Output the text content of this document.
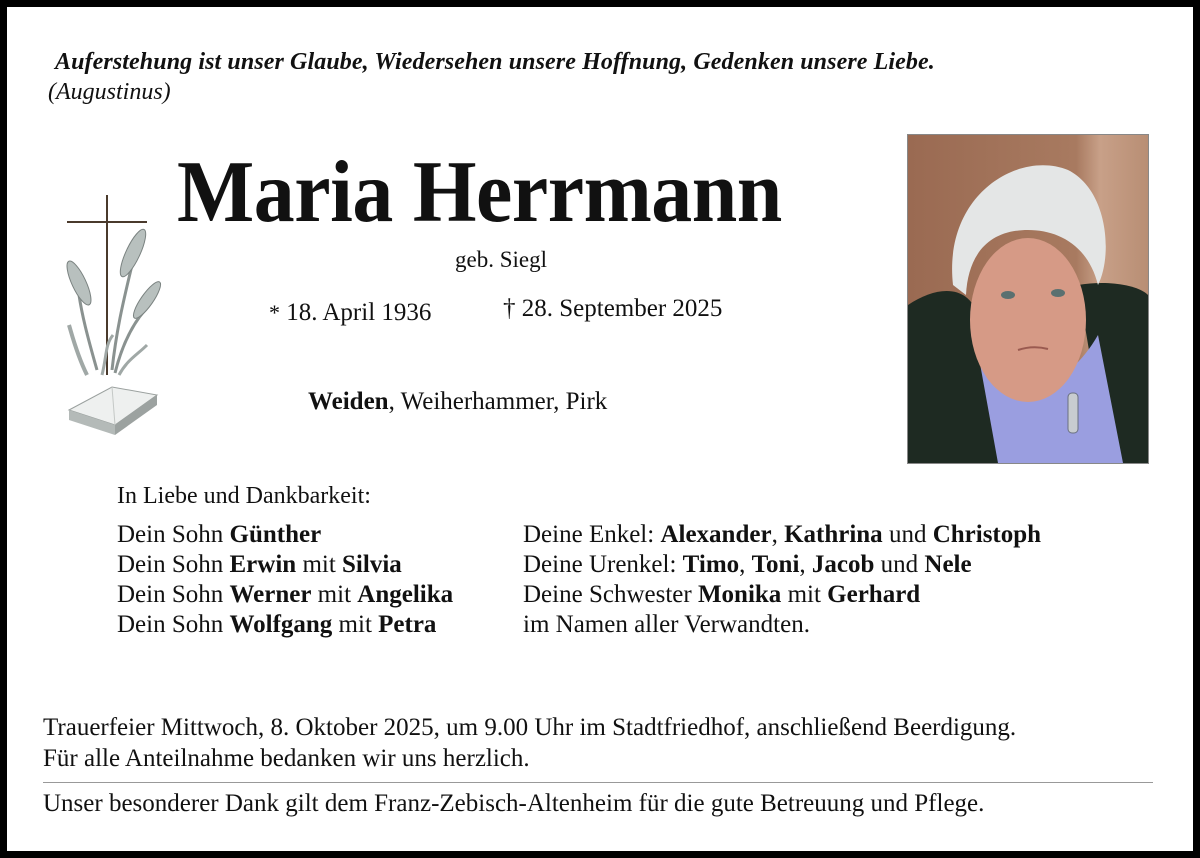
Auferstehung ist unser Glaube, Wiedersehen unsere Hoffnung, Gedenken unsere Liebe.
(Augustinus)
Maria Herrmann
geb. Siegl
* 18. April 1936	† 28. September 2025
Weiden, Weiherhammer, Pirk
In Liebe und Dankbarkeit:
Dein Sohn Günther
Dein Sohn Erwin mit Silvia
Dein Sohn Werner mit Angelika
Dein Sohn Wolfgang mit Petra
Deine Enkel: Alexander, Kathrina und Christoph
Deine Urenkel: Timo, Toni, Jacob und Nele
Deine Schwester Monika mit Gerhard
im Namen aller Verwandten.
Trauerfeier Mittwoch, 8. Oktober 2025, um 9.00 Uhr im Stadtfriedhof, anschließend Beerdigung.
Für alle Anteilnahme bedanken wir uns herzlich.
Unser besonderer Dank gilt dem Franz-Zebisch-Altenheim für die gute Betreuung und Pflege.
